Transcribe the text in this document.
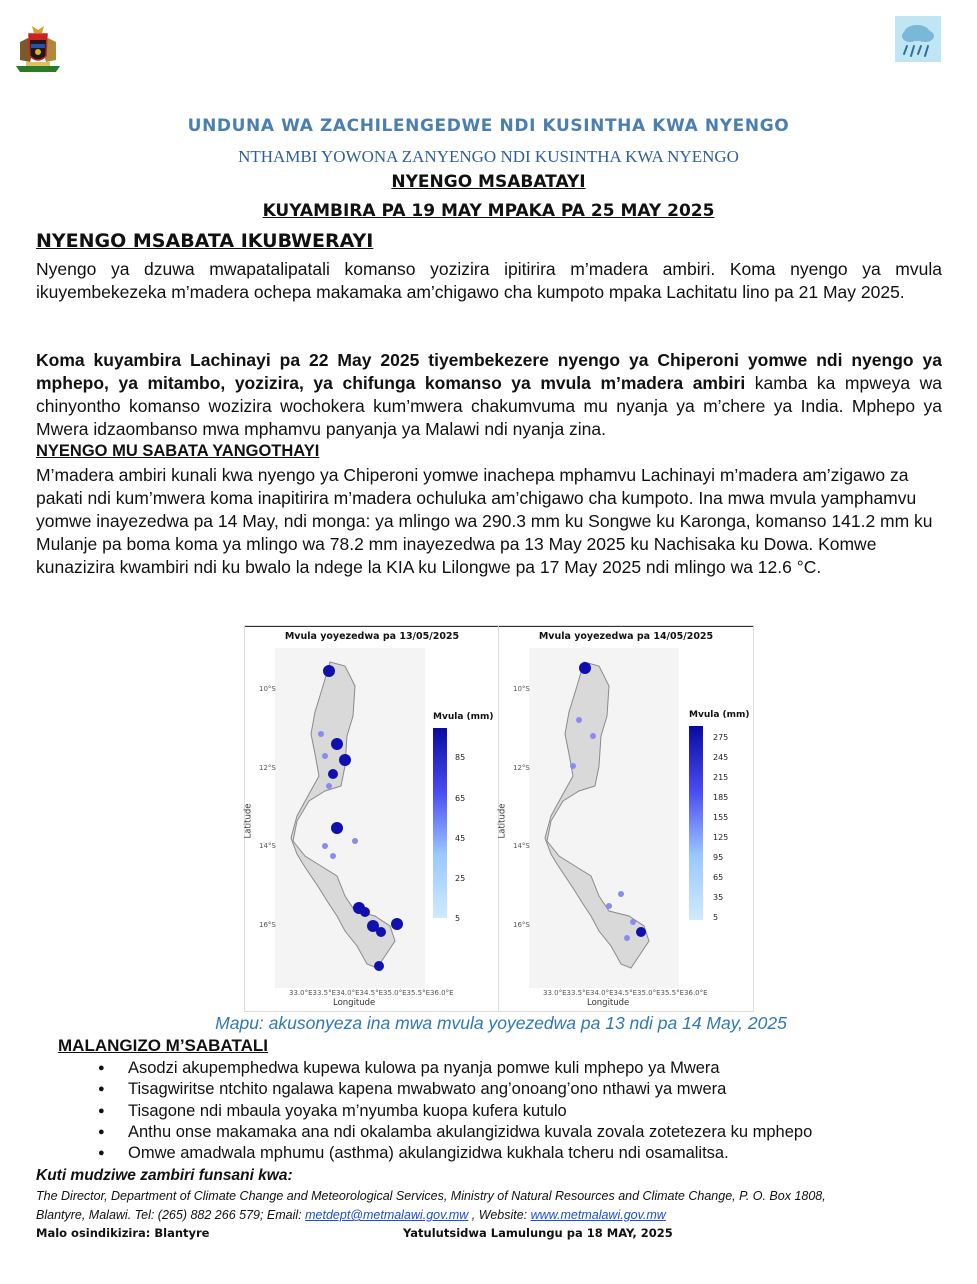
UNDUNA WA ZACHILENGEDWE NDI KUSINTHA KWA NYENGO
NTHAMBI YOWONA ZANYENGO NDI KUSINTHA KWA NYENGO
NYENGO MSABATAYI
KUYAMBIRA PA 19 MAY MPAKA PA 25 MAY 2025
NYENGO MSABATA IKUBWERAYI
Nyengo ya dzuwa mwapatalipatali komanso yozizira ipitirira m’madera ambiri. Koma nyengo ya mvula ikuyembekezeka m’madera ochepa makamaka am’chigawo cha kumpoto mpaka Lachitatu lino pa 21 May 2025.
Koma kuyambira Lachinayi pa 22 May 2025 tiyembekezere nyengo ya Chiperoni yomwe ndi nyengo ya mphepo, ya mitambo, yozizira, ya chifunga komanso ya mvula m’madera ambiri kamba ka mpweya wa chinyontho komanso wozizira wochokera kum’mwera chakumvuma mu nyanja ya m’chere ya India. Mphepo ya Mwera idzaombanso mwa mphamvu panyanja ya Malawi ndi nyanja zina.
NYENGO MU SABATA YANGOTHAYI
M’madera ambiri kunali kwa nyengo ya Chiperoni yomwe inachepa mphamvu Lachinayi m’madera am’zigawo za pakati ndi kum’mwera koma inapitirira m’madera ochuluka am’chigawo cha kumpoto. Ina mwa mvula yamphamvu yomwe inayezedwa pa 14 May, ndi monga: ya mlingo wa 290.3 mm ku Songwe ku Karonga, komanso 141.2 mm ku Mulanje pa boma koma ya mlingo wa 78.2 mm inayezedwa pa 13 May 2025 ku Nachisaka ku Dowa. Komwe kunazizira kwambiri ndi ku bwalo la ndege la KIA ku Lilongwe pa 17 May 2025 ndi mlingo wa 12.6 °C.
Mvula yoyezedwa pa 13/05/2025
10°S
12°S
14°S
16°S
33.0°E33.5°E34.0°E34.5°E35.0°E35.5°E36.0°E
Longitude
Latitude
Mvula (mm)
85
65
45
25
5
Mvula yoyezedwa pa 14/05/2025
10°S
12°S
14°S
16°S
33.0°E33.5°E34.0°E34.5°E35.0°E35.5°E36.0°E
Longitude
Latitude
Mvula (mm)
275
245
215
185
155
125
95
65
35
5
Mapu: akusonyeza ina mwa mvula yoyezedwa pa 13 ndi pa 14 May, 2025
MALANGIZO M’SABATALI
● Asodzi akupemphedwa kupewa kulowa pa nyanja pomwe kuli mphepo ya Mwera
● Tisagwiritse ntchito ngalawa kapena mwabwato ang’onoang’ono nthawi ya mwera
● Tisagone ndi mbaula yoyaka m’nyumba kuopa kufera kutulo
● Anthu onse makamaka ana ndi okalamba akulangizidwa kuvala zovala zotetezera ku mphepo
● Omwe amadwala mphumu (asthma) akulangizidwa kukhala tcheru ndi osamalitsa.
Kuti mudziwe zambiri funsani kwa:
The Director, Department of Climate Change and Meteorological Services, Ministry of Natural Resources and Climate Change, P. O. Box 1808,
Blantyre, Malawi. Tel: (265) 882 266 579; Email: metdept@metmalawi.gov.mw , Website: www.metmalawi.gov.mw
Malo osindikizira: Blantyre	Yatulutsidwa Lamulungu pa 18 MAY, 2025
